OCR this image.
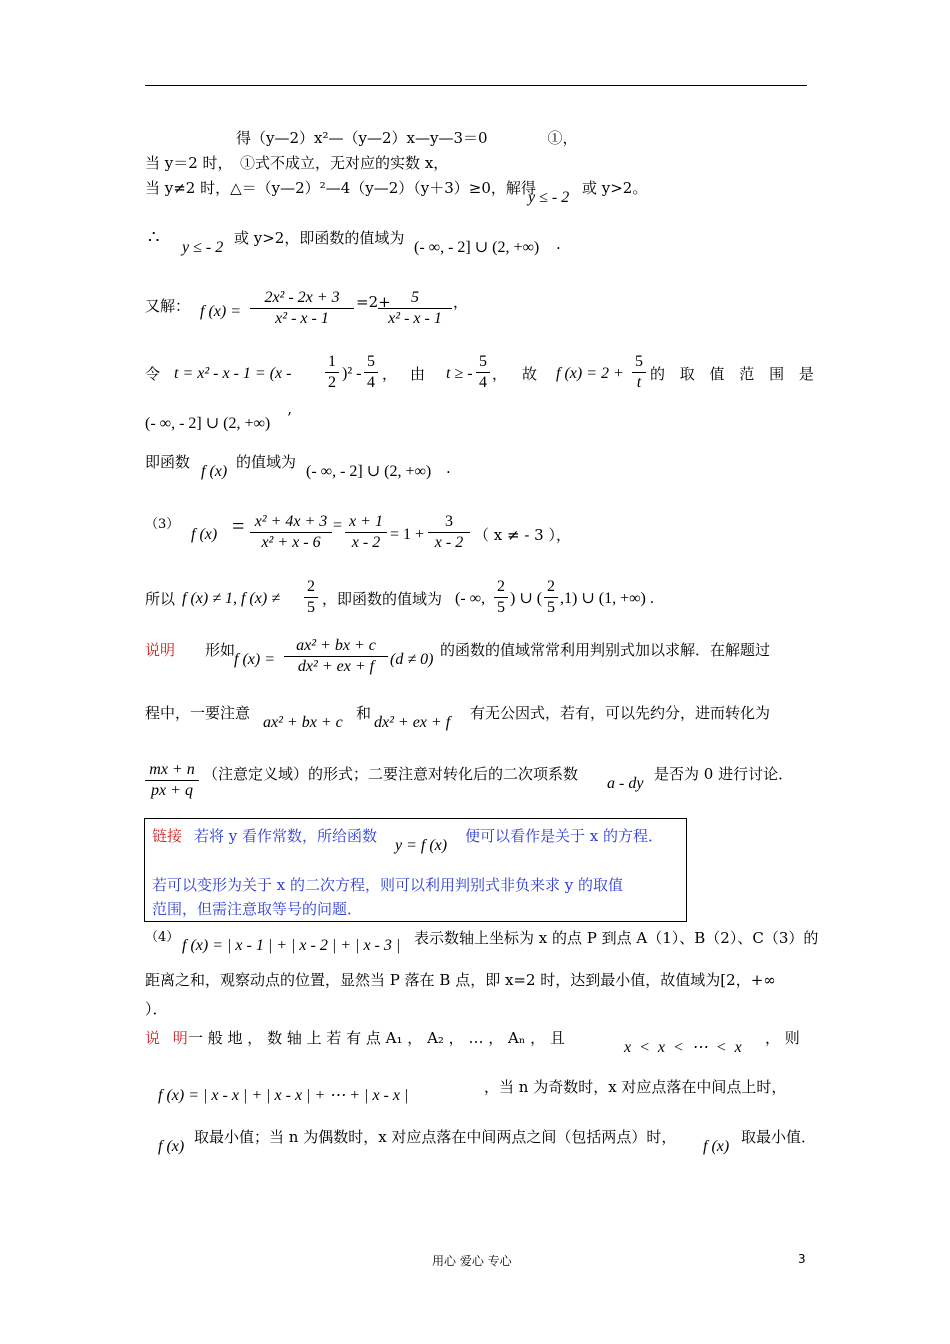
得（y—2）x²—（y—2）x—y—3＝0　　　　①，
当 y＝2 时，　①式不成立，无对应的实数 x，
当 y≠2 时，△＝（y—2）²—4（y—2）（y＋3）≥0，解得
y ≤ - 2
或 y>2。
∴ y ≤ - 2
或 y>2，即函数的值域为
(- ∞, - 2] ∪ (2, +∞) .
又解： f (x) =
2x² - 2x + 3
x² - x - 1
=2+	5
x² - x - 1
，
令 t = x² - x - 1 = (x -
1
2
)² -
5
4 ， 由 t ≥ -
5
4 ， 故 f (x) = 2 +
5
t 的 取 值 范 围 是
(- ∞, - 2] ∪ (2, +∞) ’
即函数
f (x)
的值域为
(- ∞, - 2] ∪ (2, +∞) .
（3）
f (x) = x² + 4x + 3
x² + x - 6
= x + 1
x - 2 = 1 +
3
x - 2 （ x ≠ - 3 ），
所以 f (x) ≠ 1, f (x) ≠
2
5 ，即函数的值域为 (- ∞,
2
5
) ∪ (
2
5
,1) ∪ (1, +∞) .
说明 形如
f (x) =
ax² + bx + c
dx² + ex + f (d ≠ 0)
的函数的值域常常利用判别式加以求解．在解题过
程中，一要注意
ax² + bx + c
和
dx² + ex + f
有无公因式，若有，可以先约分，进而转化为
mx + n
px + q
（注意定义域）的形式；二要注意对转化后的二次项系数
a - dy
是否为 0 进行讨论．
链接 若将 y 看作常数，所给函数
y = f (x)
便可以看作是关于 x 的方程．
若可以变形为关于 x 的二次方程，则可以利用判别式非负来求 y 的取值
范围，但需注意取等号的问题．
（4） f (x) = | x - 1 | + | x - 2 | + | x - 3 | 表示数轴上坐标为 x 的点 P 到点 A（1）、B（2）、C（3）的
距离之和，观察动点的位置，显然当 P 落在 B 点，即 x=2 时，达到最小值，故值域为[2，+∞
）．
说 明
一 般 地 ， 数 轴 上 若 有 点 A₁ ， A₂ ， … ， Aₙ ， 且
x < x < ⋯ < x
， 则
f (x) = | x - x | + | x - x | + ⋯ + | x - x |	，当 n 为奇数时，x 对应点落在中间点上时，
f (x)
取最小值；当 n 为偶数时，x 对应点落在中间两点之间（包括两点）时，
f (x)
取最小值．
用心 爱心 专心	3
